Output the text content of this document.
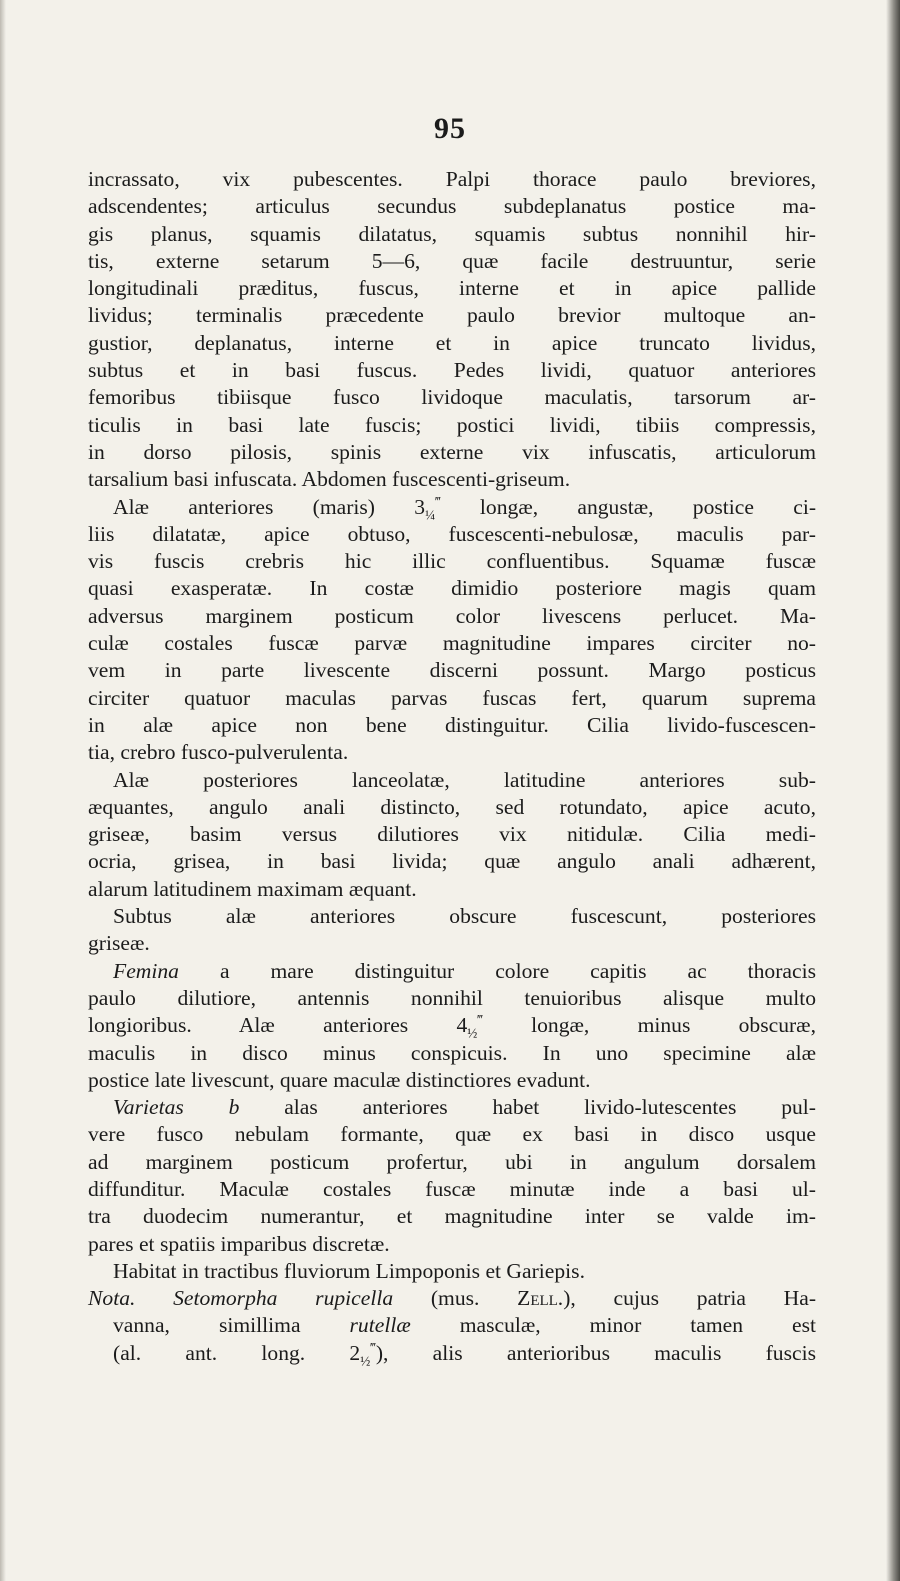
95
incrassato, vix pubescentes. Palpi thorace paulo breviores,
adscendentes; articulus secundus subdeplanatus postice ma-
gis planus, squamis dilatatus, squamis subtus nonnihil hir-
tis, externe setarum 5—6, quæ facile destruuntur, serie
longitudinali præditus, fuscus, interne et in apice pallide
lividus; terminalis præcedente paulo brevior multoque an-
gustior, deplanatus, interne et in apice truncato lividus,
subtus et in basi fuscus. Pedes lividi, quatuor anteriores
femoribus tibiisque fusco lividoque maculatis, tarsorum ar-
ticulis in basi late fuscis; postici lividi, tibiis compressis,
in dorso pilosis, spinis externe vix infuscatis, articulorum
tarsalium basi infuscata. Abdomen fuscescenti-griseum.
Alæ anteriores (maris) $3_{\frac{1}{4}}^‴$ longæ, angustæ, postice ci-
liis dilatatæ, apice obtuso, fuscescenti-nebulosæ, maculis par-
vis fuscis crebris hic illic confluentibus. Squamæ fuscæ
quasi exasperatæ. In costæ dimidio posteriore magis quam
adversus marginem posticum color livescens perlucet. Ma-
culæ costales fuscæ parvæ magnitudine impares circiter no-
vem in parte livescente discerni possunt. Margo posticus
circiter quatuor maculas parvas fuscas fert, quarum suprema
in alæ apice non bene distinguitur. Cilia livido-fuscescen-
tia, crebro fusco-pulverulenta.
Alæ posteriores lanceolatæ, latitudine anteriores sub-
æquantes, angulo anali distincto, sed rotundato, apice acuto,
griseæ, basim versus dilutiores vix nitidulæ. Cilia medi-
ocria, grisea, in basi livida; quæ angulo anali adhærent,
alarum latitudinem maximam æquant.
Subtus alæ anteriores obscure fuscescunt, posteriores
griseæ.
Femina a mare distinguitur colore capitis ac thoracis
paulo dilutiore, antennis nonnihil tenuioribus alisque multo
longioribus. Alæ anteriores $4_{\frac{1}{2}}^‴$ longæ, minus obscuræ,
maculis in disco minus conspicuis. In uno specimine alæ
postice late livescunt, quare maculæ distinctiores evadunt.
Varietas b alas anteriores habet livido-lutescentes pul-
vere fusco nebulam formante, quæ ex basi in disco usque
ad marginem posticum profertur, ubi in angulum dorsalem
diffunditur. Maculæ costales fuscæ minutæ inde a basi ul-
tra duodecim numerantur, et magnitudine inter se valde im-
pares et spatiis imparibus discretæ.
Habitat in tractibus fluviorum Limpoponis et Gariepis.
Nota. Setomorpha rupicella (mus. Zell.), cujus patria Ha-
vanna, simillima rutellæ masculæ, minor tamen est
(al. ant. long. $2_{\frac{1}{2}}^‴$), alis anterioribus maculis fuscis
